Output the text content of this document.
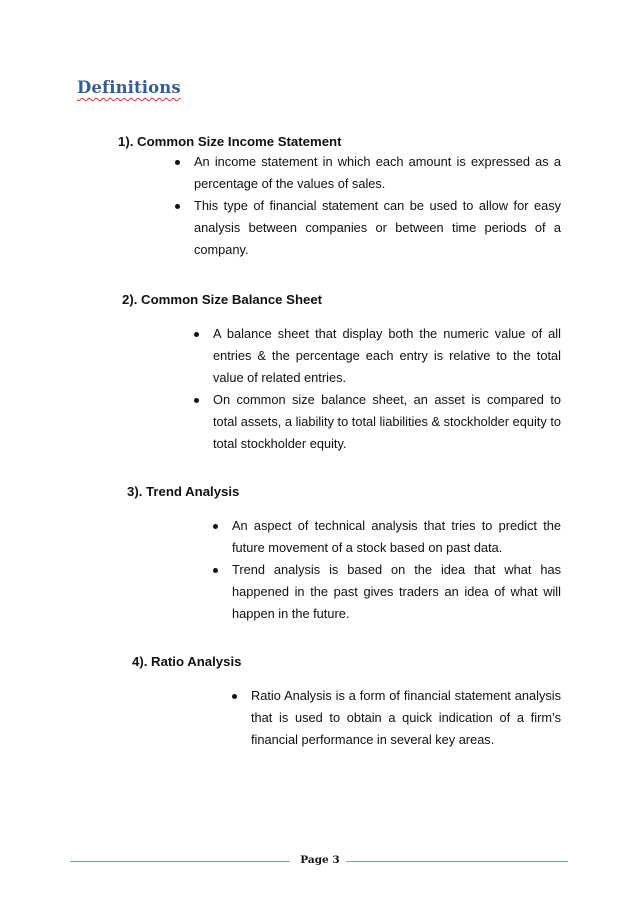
Definitions
1). Common Size Income Statement
An income statement in which each amount is expressed as a percentage of the values of sales.
This type of financial statement can be used to allow for easy analysis between companies or between time periods of a company.
2). Common Size Balance Sheet
A balance sheet that display both the numeric value of all entries & the percentage each entry is relative to the total value of related entries.
On common size balance sheet, an asset is compared to total assets, a liability to total liabilities & stockholder equity to total stockholder equity.
3). Trend Analysis
An aspect of technical analysis that tries to predict the future movement of a stock based on past data.
Trend analysis is based on the idea that what has happened in the past gives traders an idea of what will happen in the future.
4). Ratio Analysis
Ratio Analysis is a form of financial statement analysis that is used to obtain a quick indication of a firm’s financial performance in several key areas.
Page 3
